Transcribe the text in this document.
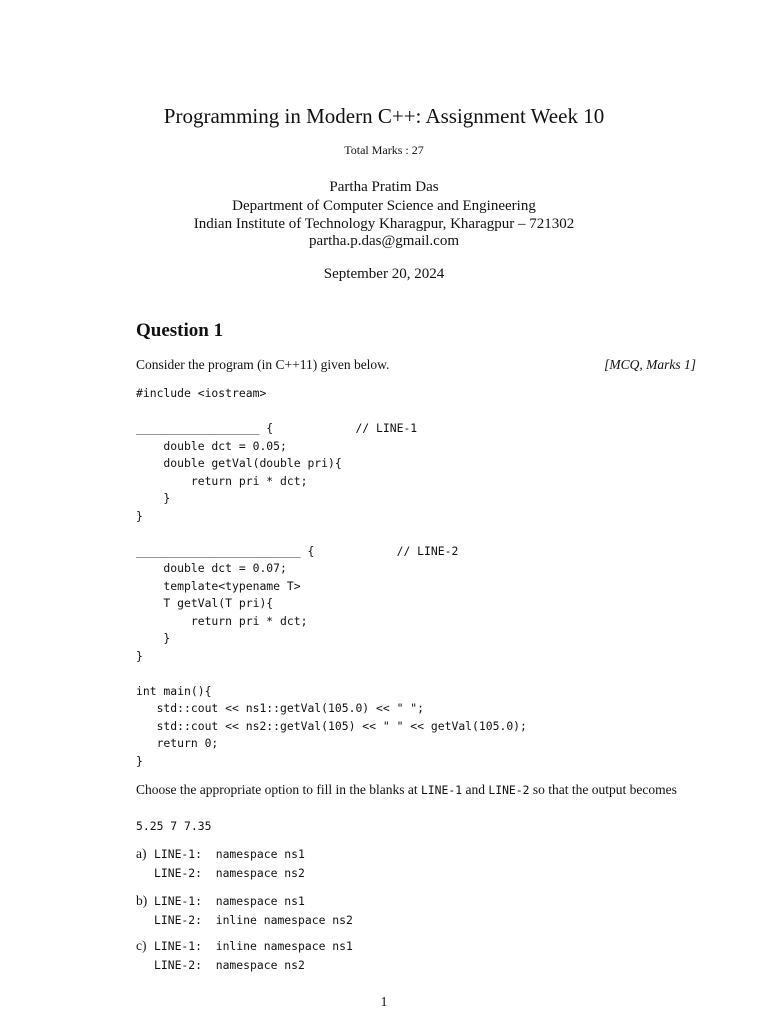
Programming in Modern C++: Assignment Week 10
Total Marks : 27
Partha Pratim Das
Department of Computer Science and Engineering
Indian Institute of Technology Kharagpur, Kharagpur – 721302
partha.p.das@gmail.com
September 20, 2024
Question 1
Consider the program (in C++11) given below.	[MCQ, Marks 1]
#include <iostream>

__________________ {            // LINE-1
double dct = 0.05;
double getVal(double pri){
return pri * dct;
}
}

________________________ {            // LINE-2
double dct = 0.07;
template<typename T>
T getVal(T pri){
return pri * dct;
}
}

int main(){
std::cout << ns1::getVal(105.0) << " ";
std::cout << ns2::getVal(105) << " " << getVal(105.0);
return 0;
}
Choose the appropriate option to fill in the blanks at LINE-1 and LINE-2 so that the output becomes
5.25 7 7.35
a) LINE-1:  namespace ns1
LINE-2:  namespace ns2
b) LINE-1:  namespace ns1
LINE-2:  inline namespace ns2
c) LINE-1:  inline namespace ns1
LINE-2:  namespace ns2
1
